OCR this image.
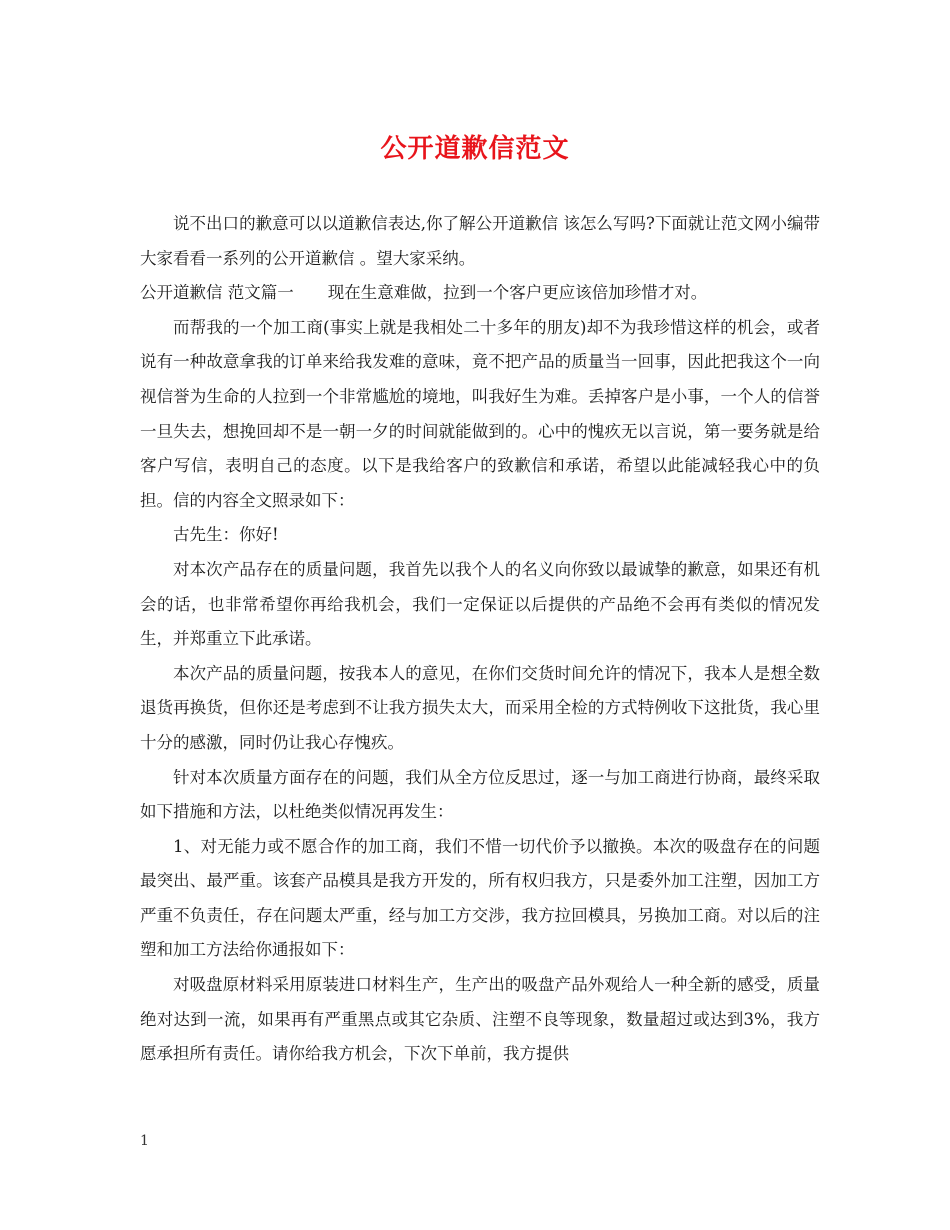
公开道歉信范文

说不出口的歉意可以以道歉信表达,你了解公开道歉信 该怎么写吗?下面就让范文网小编带大家看看一系列的公开道歉信 。望大家采纳。

公开道歉信 范文篇一 现在生意难做，拉到一个客户更应该倍加珍惜才对。

而帮我的一个加工商(事实上就是我相处二十多年的朋友)却不为我珍惜这样的机会，或者说有一种故意拿我的订单来给我发难的意味，竟不把产品的质量当一回事，因此把我这个一向视信誉为生命的人拉到一个非常尴尬的境地，叫我好生为难。丢掉客户是小事，一个人的信誉一旦失去，想挽回却不是一朝一夕的时间就能做到的。心中的愧疚无以言说，第一要务就是给客户写信，表明自己的态度。以下是我给客户的致歉信和承诺，希望以此能减轻我心中的负担。信的内容全文照录如下：

古先生：你好!

对本次产品存在的质量问题，我首先以我个人的名义向你致以最诚挚的歉意，如果还有机会的话，也非常希望你再给我机会，我们一定保证以后提供的产品绝不会再有类似的情况发生，并郑重立下此承诺。

本次产品的质量问题，按我本人的意见，在你们交货时间允许的情况下，我本人是想全数退货再换货，但你还是考虑到不让我方损失太大，而采用全检的方式特例收下这批货，我心里十分的感激，同时仍让我心存愧疚。

针对本次质量方面存在的问题，我们从全方位反思过，逐一与加工商进行协商，最终采取如下措施和方法，以杜绝类似情况再发生：

1、对无能力或不愿合作的加工商，我们不惜一切代价予以撤换。本次的吸盘存在的问题最突出、最严重。该套产品模具是我方开发的，所有权归我方，只是委外加工注塑，因加工方严重不负责任，存在问题太严重，经与加工方交涉，我方拉回模具，另换加工商。对以后的注塑和加工方法给你通报如下：

对吸盘原材料采用原装进口材料生产，生产出的吸盘产品外观给人一种全新的感受，质量绝对达到一流，如果再有严重黑点或其它杂质、注塑不良等现象，数量超过或达到3%，我方愿承担所有责任。请你给我方机会，下次下单前，我方提供

1
